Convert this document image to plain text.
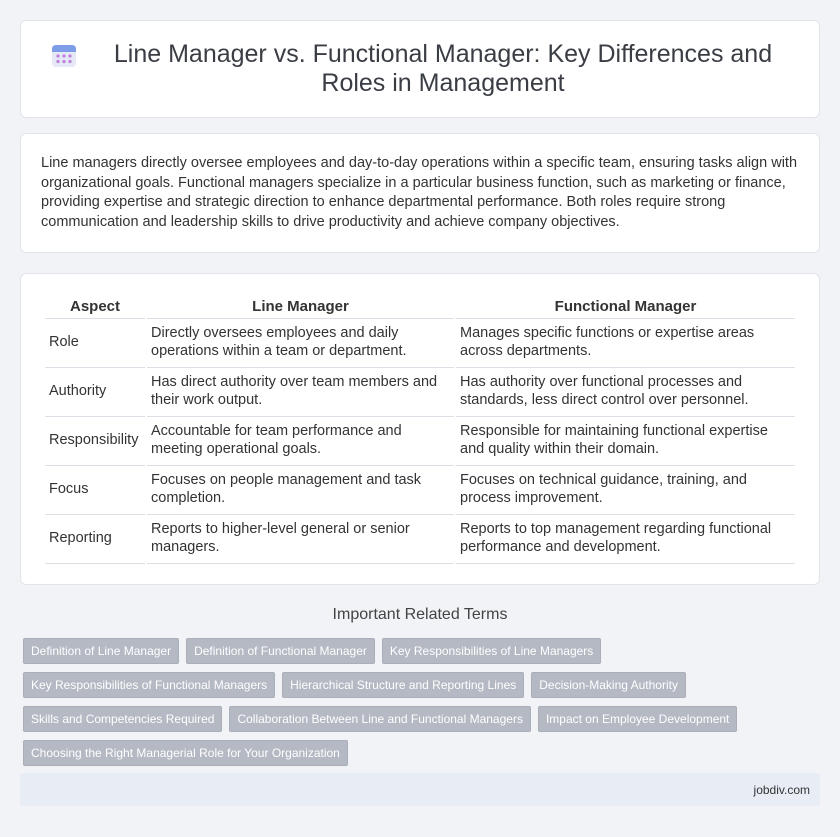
Line Manager vs. Functional Manager: Key Differences and Roles in Management

Line managers directly oversee employees and day-to-day operations within a specific team, ensuring tasks align with organizational goals. Functional managers specialize in a particular business function, such as marketing or finance, providing expertise and strategic direction to enhance departmental performance. Both roles require strong communication and leadership skills to drive productivity and achieve company objectives.

Aspect	Line Manager	Functional Manager
Role	Directly oversees employees and daily operations within a team or department.	Manages specific functions or expertise areas across departments.
Authority	Has direct authority over team members and their work output.	Has authority over functional processes and standards, less direct control over personnel.
Responsibility	Accountable for team performance and meeting operational goals.	Responsible for maintaining functional expertise and quality within their domain.
Focus	Focuses on people management and task completion.	Focuses on technical guidance, training, and process improvement.
Reporting	Reports to higher-level general or senior managers.	Reports to top management regarding functional performance and development.
Important Related Terms
Definition of Line Manager	Definition of Functional Manager	Key Responsibilities of Line Managers
Key Responsibilities of Functional Managers	Hierarchical Structure and Reporting Lines	Decision-Making Authority
Skills and Competencies Required	Collaboration Between Line and Functional Managers	Impact on Employee Development
Choosing the Right Managerial Role for Your Organization
jobdiv.com
